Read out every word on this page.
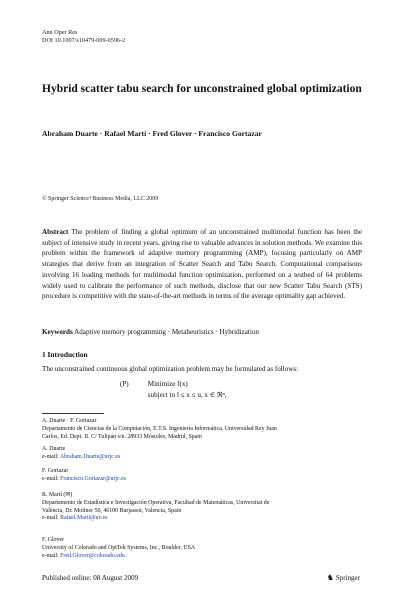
Ann Oper Res
DOI 10.1007/s10479-009-0596-2
Hybrid scatter tabu search for unconstrained global optimization
Abraham Duarte · Rafael Martí · Fred Glover · Francisco Gortazar
© Springer Science+Business Media, LLC 2009
Abstract The problem of finding a global optimum of an unconstrained multimodal function has been the subject of intensive study in recent years, giving rise to valuable advances in solution methods. We examine this problem within the framework of adaptive memory programming (AMP), focusing particularly on AMP strategies that derive from an integration of Scatter Search and Tabu Search. Computational comparisons involving 16 leading methods for multimodal function optimization, performed on a testbed of 64 problems widely used to calibrate the performance of such methods, disclose that our new Scatter Tabu Search (STS) procedure is competitive with the state-of-the-art methods in terms of the average optimality gap achieved.
Keywords Adaptive memory programming · Metaheuristics · Hybridization
1 Introduction
The unconstrained continuous global optimization problem may be formulated as follows:
(P)	Minimize f(x)
subject to l ≤ x ≤ u, x ∈ ℜⁿ,
A. Duarte · F. Gortazar
Departamento de Ciencias de la Computación, E.T.S. Ingeniería Informática, Universidad Rey Juan
Carlos, Ed. Dept. II. C/ Tulipán s/n. 28933 Móstoles, Madrid, Spain
A. Duarte
e-mail: Abraham.Duarte@urjc.es
F. Gortazar
e-mail: Francisco.Gortazar@urjc.es
R. Martí (✉)
Departamento de Estadística e Investigación Operativa, Facultad de Matemáticas, Universitat de
València, Dr. Moliner 50, 46100 Burjassot, Valencia, Spain
e-mail: Rafael.Marti@uv.es
F. Glover
University of Colorado and OptTek Systems, Inc., Boulder, USA
e-mail: Fred.Glover@colorado.edu
Published online: 08 August 2009	♞ Springer
